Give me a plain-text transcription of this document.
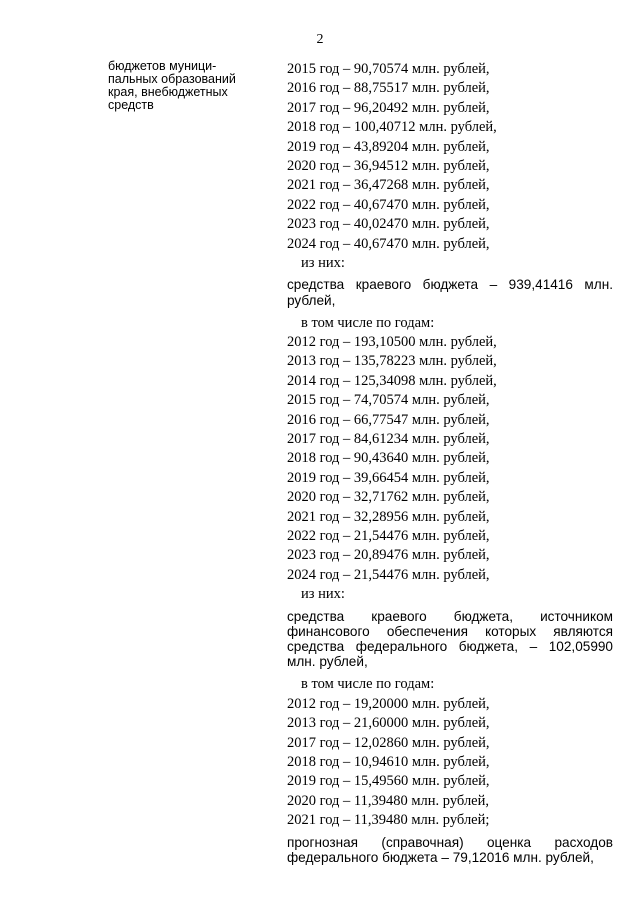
2
бюджетов муници-
пальных образований
края, внебюджетных
средств
2015 год – 90,70574 млн. рублей,
2016 год – 88,75517 млн. рублей,
2017 год – 96,20492 млн. рублей,
2018 год – 100,40712 млн. рублей,
2019 год – 43,89204 млн. рублей,
2020 год – 36,94512 млн. рублей,
2021 год – 36,47268 млн. рублей,
2022 год – 40,67470 млн. рублей,
2023 год – 40,02470 млн. рублей,
2024 год – 40,67470 млн. рублей,
из них:
средства краевого бюджета – 939,41416 млн. рублей,
в том числе по годам:
2012 год – 193,10500 млн. рублей,
2013 год – 135,78223 млн. рублей,
2014 год – 125,34098 млн. рублей,
2015 год – 74,70574 млн. рублей,
2016 год – 66,77547 млн. рублей,
2017 год – 84,61234 млн. рублей,
2018 год – 90,43640 млн. рублей,
2019 год – 39,66454 млн. рублей,
2020 год – 32,71762 млн. рублей,
2021 год – 32,28956 млн. рублей,
2022 год – 21,54476 млн. рублей,
2023 год – 20,89476 млн. рублей,
2024 год – 21,54476 млн. рублей,
из них:
средства краевого бюджета, источником финансового обеспечения которых являются средства федерального бюджета, – 102,05990 млн. рублей,
в том числе по годам:
2012 год – 19,20000 млн. рублей,
2013 год – 21,60000 млн. рублей,
2017 год – 12,02860 млн. рублей,
2018 год – 10,94610 млн. рублей,
2019 год – 15,49560 млн. рублей,
2020 год – 11,39480 млн. рублей,
2021 год – 11,39480 млн. рублей;
прогнозная (справочная) оценка расходов федерального бюджета – 79,12016 млн. рублей,
